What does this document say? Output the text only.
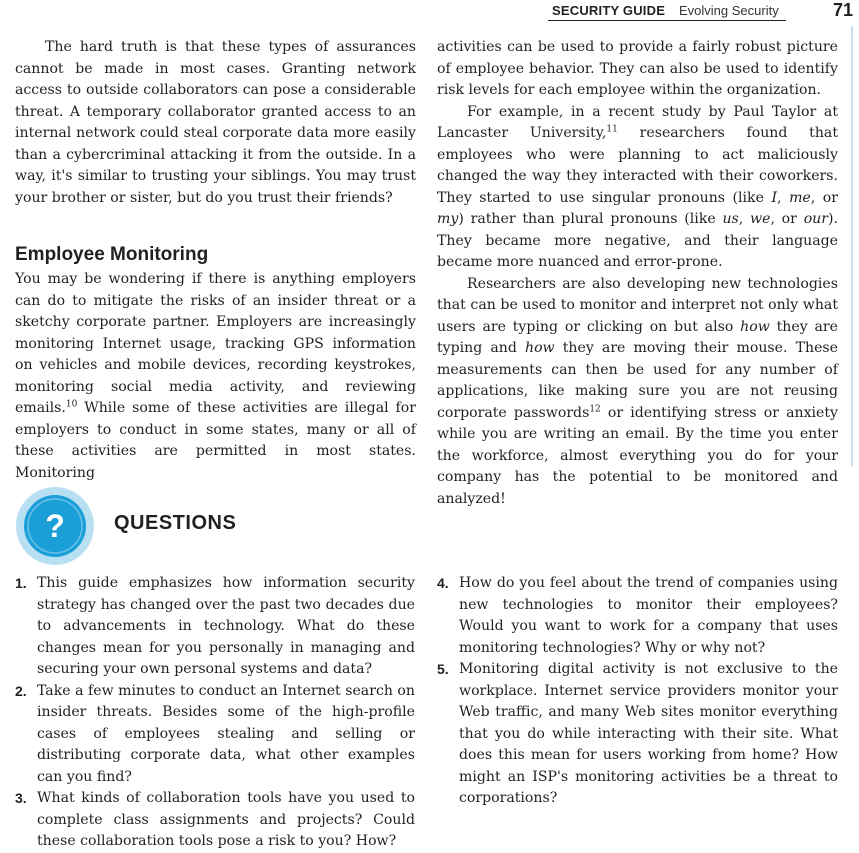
SECURITY GUIDE Evolving Security	71

The hard truth is that these types of assurances cannot be made in most cases. Granting network access to outside collaborators can pose a considerable threat. A temporary collaborator granted access to an internal network could steal corporate data more easily than a cybercriminal attacking it from the outside. In a way, it's similar to trusting your siblings. You may trust your brother or sister, but do you trust their friends?

Employee Monitoring

You may be wondering if there is anything employers can do to mitigate the risks of an insider threat or a sketchy corporate partner. Employers are increasingly monitoring Internet usage, tracking GPS information on vehicles and mobile devices, recording keystrokes, monitoring social media activity, and reviewing emails.$^{10}$ While some of these activities are illegal for employers to conduct in some states, many or all of these activities are permitted in most states. Monitoring

activities can be used to provide a fairly robust picture of employee behavior. They can also be used to identify risk levels for each employee within the organization.

For example, in a recent study by Paul Taylor at Lancaster University,$^{11}$ researchers found that employees who were planning to act maliciously changed the way they interacted with their coworkers. They started to use singular pronouns (like I, me, or my) rather than plural pronouns (like us, we, or our). They became more negative, and their language became more nuanced and error-prone.

Researchers are also developing new technologies that can be used to monitor and interpret not only what users are typing or clicking on but also how they are typing and how they are moving their mouse. These measurements can then be used for any number of applications, like making sure you are not reusing corporate passwords$^{12}$ or identifying stress or anxiety while you are writing an email. By the time you enter the workforce, almost everything you do for your company has the potential to be monitored and analyzed!

? QUESTIONS
1. This guide emphasizes how information security strategy has changed over the past two decades due to advancements in technology. What do these changes mean for you personally in managing and securing your own personal systems and data?
2. Take a few minutes to conduct an Internet search on insider threats. Besides some of the high-profile cases of employees stealing and selling or distributing corporate data, what other examples can you find?
3. What kinds of collaboration tools have you used to complete class assignments and projects? Could these collaboration tools pose a risk to you? How?
4. How do you feel about the trend of companies using new technologies to monitor their employees? Would you want to work for a company that uses monitoring technologies? Why or why not?
5. Monitoring digital activity is not exclusive to the workplace. Internet service providers monitor your Web traffic, and many Web sites monitor everything that you do while interacting with their site. What does this mean for users working from home? How might an ISP's monitoring activities be a threat to corporations?
